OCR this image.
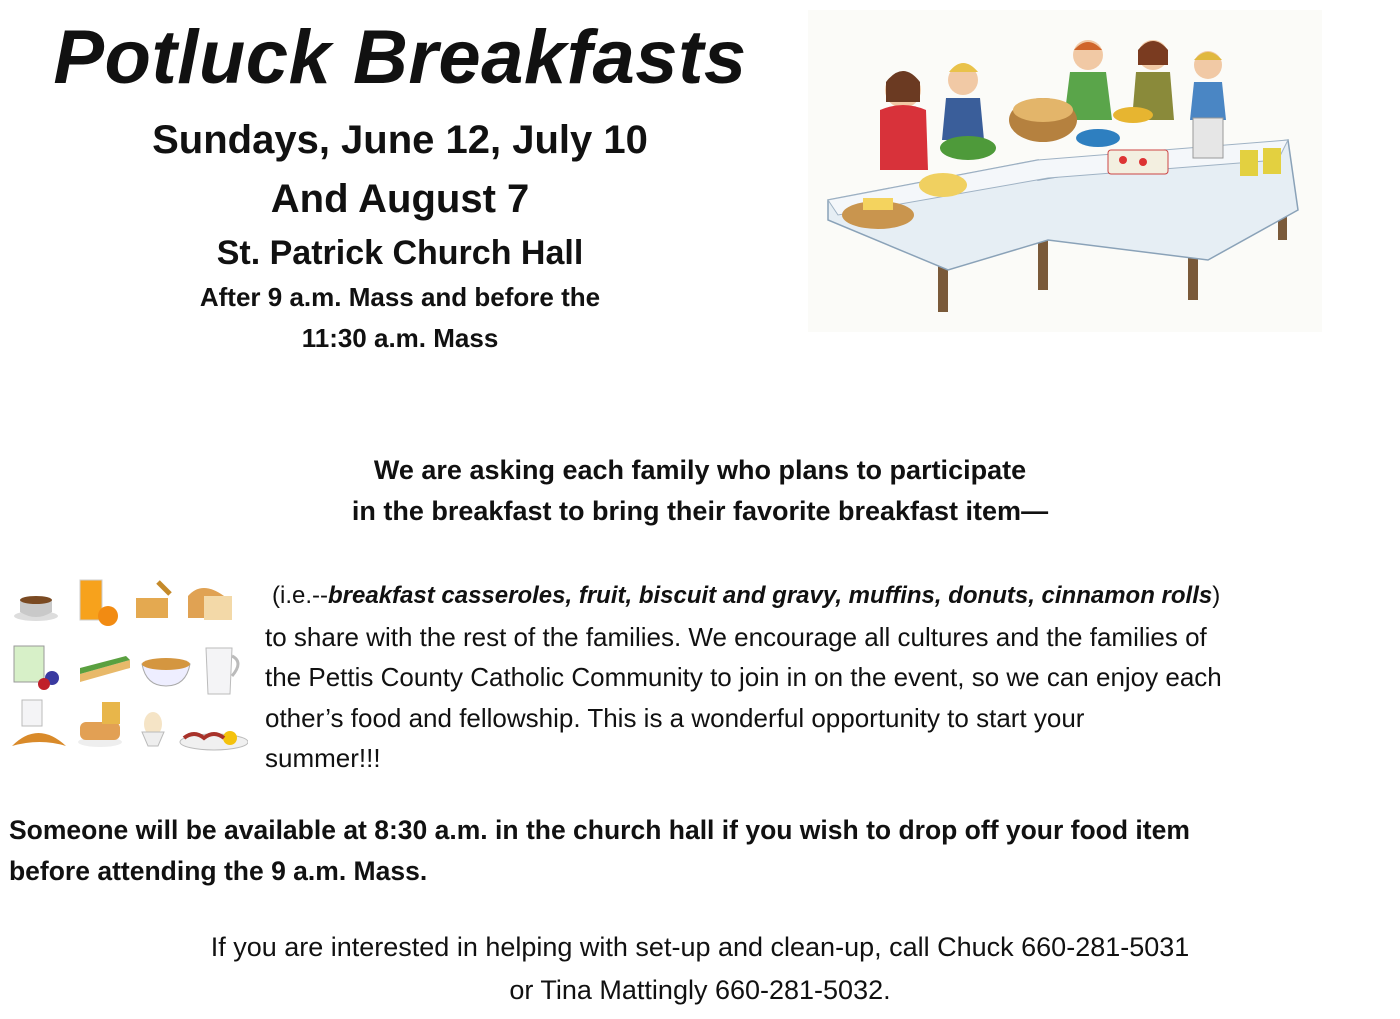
Potluck Breakfasts
Sundays, June 12, July 10
And August 7
St. Patrick Church Hall
After 9 a.m. Mass and before the
11:30 a.m. Mass
We are asking each family who plans to participate
in the breakfast to bring their favorite breakfast item—

(i.e.--breakfast casseroles, fruit, biscuit and gravy, muffins, donuts, cinnamon rolls)

to share with the rest of the families. We encourage all cultures and the families of

the Pettis County Catholic Community to join in on the event, so we can enjoy each

other’s food and fellowship. This is a wonderful opportunity to start your

summer!!!

Someone will be available at 8:30 a.m. in the church hall if you wish to drop off your food item

before attending the 9 a.m. Mass.

If you are interested in helping with set-up and clean-up, call Chuck 660-281-5031
or Tina Mattingly 660-281-5032.
